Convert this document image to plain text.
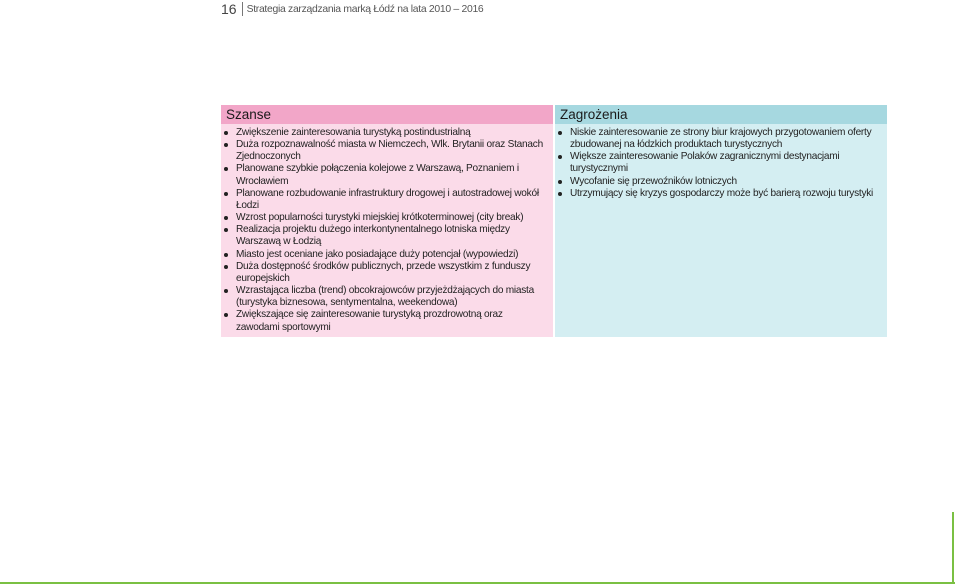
16 Strategia zarządzania marką Łódź na lata 2010 – 2016
Szanse
Zwiększenie zainteresowania turystyką postindustrialną
Duża rozpoznawalność miasta w Niemczech, Wlk. Brytanii oraz Stanach Zjednoczonych
Planowane szybkie połączenia kolejowe z Warszawą, Poznaniem i Wrocławiem
Planowane rozbudowanie infrastruktury drogowej i autostradowej wokół Łodzi
Wzrost popularności turystyki miejskiej krótkoterminowej (city break)
Realizacja projektu dużego interkontynentalnego lotniska między Warszawą w Łodzią
Miasto jest oceniane jako posiadające duży potencjał (wypowiedzi)
Duża dostępność środków publicznych, przede wszystkim z funduszy europejskich
Wzrastająca liczba (trend) obcokrajowców przyjeżdżających do miasta (turystyka biznesowa, sentymentalna, weekendowa)
Zwiększające się zainteresowanie turystyką prozdrowotną oraz zawodami sportowymi
Zagrożenia
Niskie zainteresowanie ze strony biur krajowych przygotowaniem oferty zbudowanej na łódzkich produktach turystycznych
Większe zainteresowanie Polaków zagranicznymi destynacjami turystycznymi
Wycofanie się przewoźników lotniczych
Utrzymujący się kryzys gospodarczy może być barierą rozwoju turystyki
